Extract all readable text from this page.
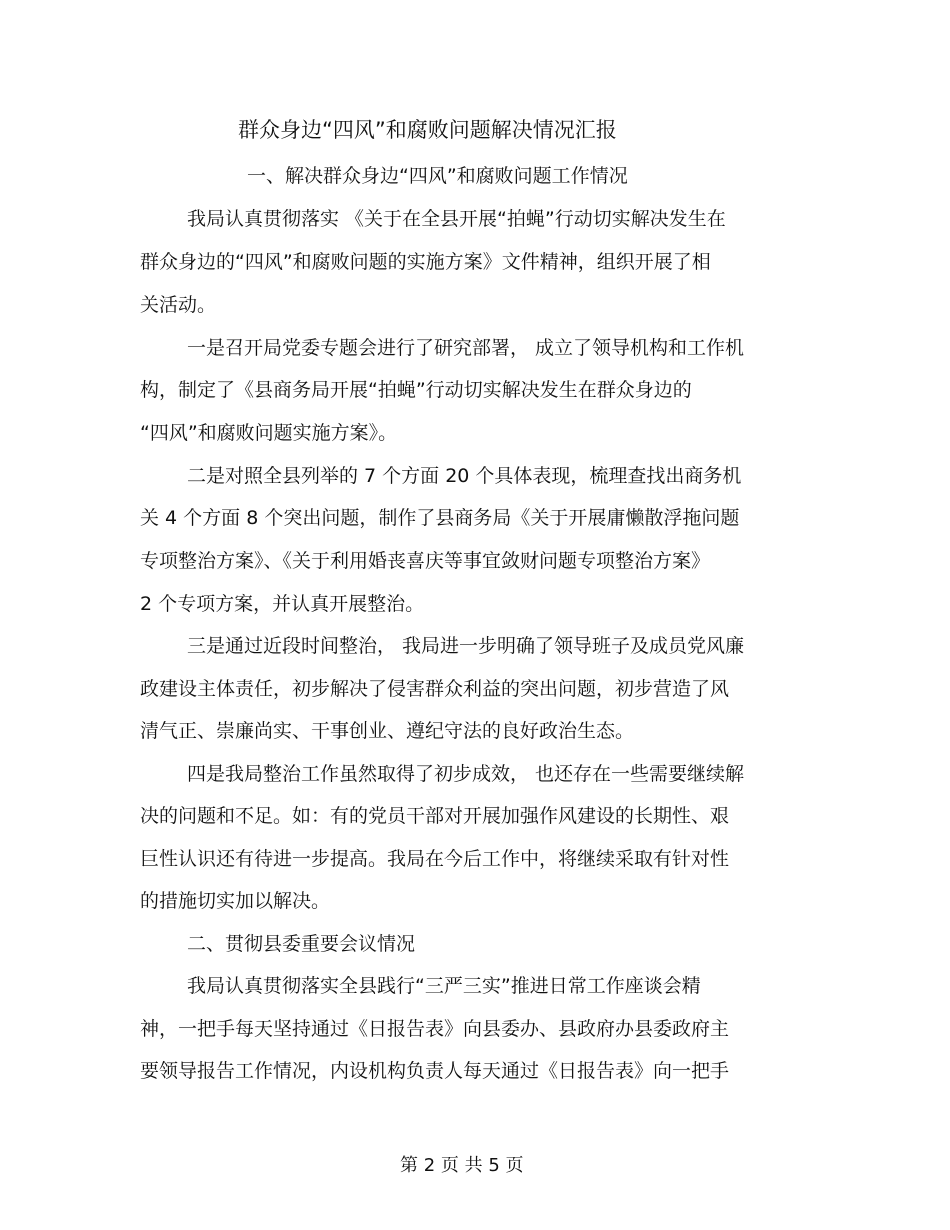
群众身边“四风”和腐败问题解决情况汇报
一、解决群众身边“四风”和腐败问题工作情况
我局认真贯彻落实 《关于在全县开展“拍蝇”行动切实解决发生在
群众身边的“四风”和腐败问题的实施方案》文件精神，组织开展了相
关活动。
一是召开局党委专题会进行了研究部署， 成立了领导机构和工作机
构，制定了《县商务局开展“拍蝇”行动切实解决发生在群众身边的
“四风”和腐败问题实施方案》。
二是对照全县列举的 7 个方面 20 个具体表现，梳理查找出商务机
关 4 个方面 8 个突出问题，制作了县商务局《关于开展庸懒散浮拖问题
专项整治方案》、《关于利用婚丧喜庆等事宜敛财问题专项整治方案》
2 个专项方案，并认真开展整治。
三是通过近段时间整治， 我局进一步明确了领导班子及成员党风廉
政建设主体责任，初步解决了侵害群众利益的突出问题，初步营造了风
清气正、崇廉尚实、干事创业、遵纪守法的良好政治生态。
四是我局整治工作虽然取得了初步成效， 也还存在一些需要继续解
决的问题和不足。如：有的党员干部对开展加强作风建设的长期性、艰
巨性认识还有待进一步提高。我局在今后工作中，将继续采取有针对性
的措施切实加以解决。
二、贯彻县委重要会议情况
我局认真贯彻落实全县践行“三严三实”推进日常工作座谈会精
神，一把手每天坚持通过《日报告表》向县委办、县政府办县委政府主
要领导报告工作情况，内设机构负责人每天通过《日报告表》向一把手
第 2 页 共 5 页
